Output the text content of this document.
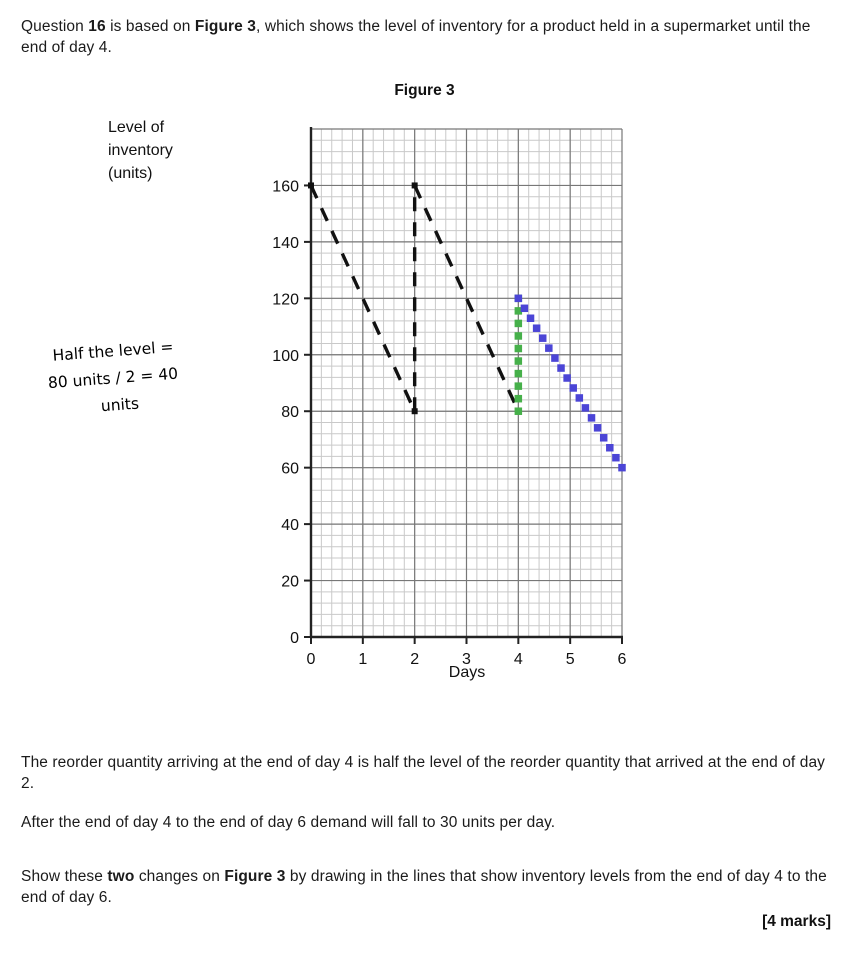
Question 16 is based on Figure 3, which shows the level of inventory for a product held in a supermarket until the end of day 4.
Figure 3
Half the level =
80 units / 2 = 40
units
0
20
40
60
80
100
120
140
160
0	1	2	3	4	5	6
Level of
inventory
(units)
Days
The reorder quantity arriving at the end of day 4 is half the level of the reorder quantity that arrived at the end of day 2.
After the end of day 4 to the end of day 6 demand will fall to 30 units per day.
Show these two changes on Figure 3 by drawing in the lines that show inventory levels from the end of day 4 to the end of day 6.
[4 marks]
